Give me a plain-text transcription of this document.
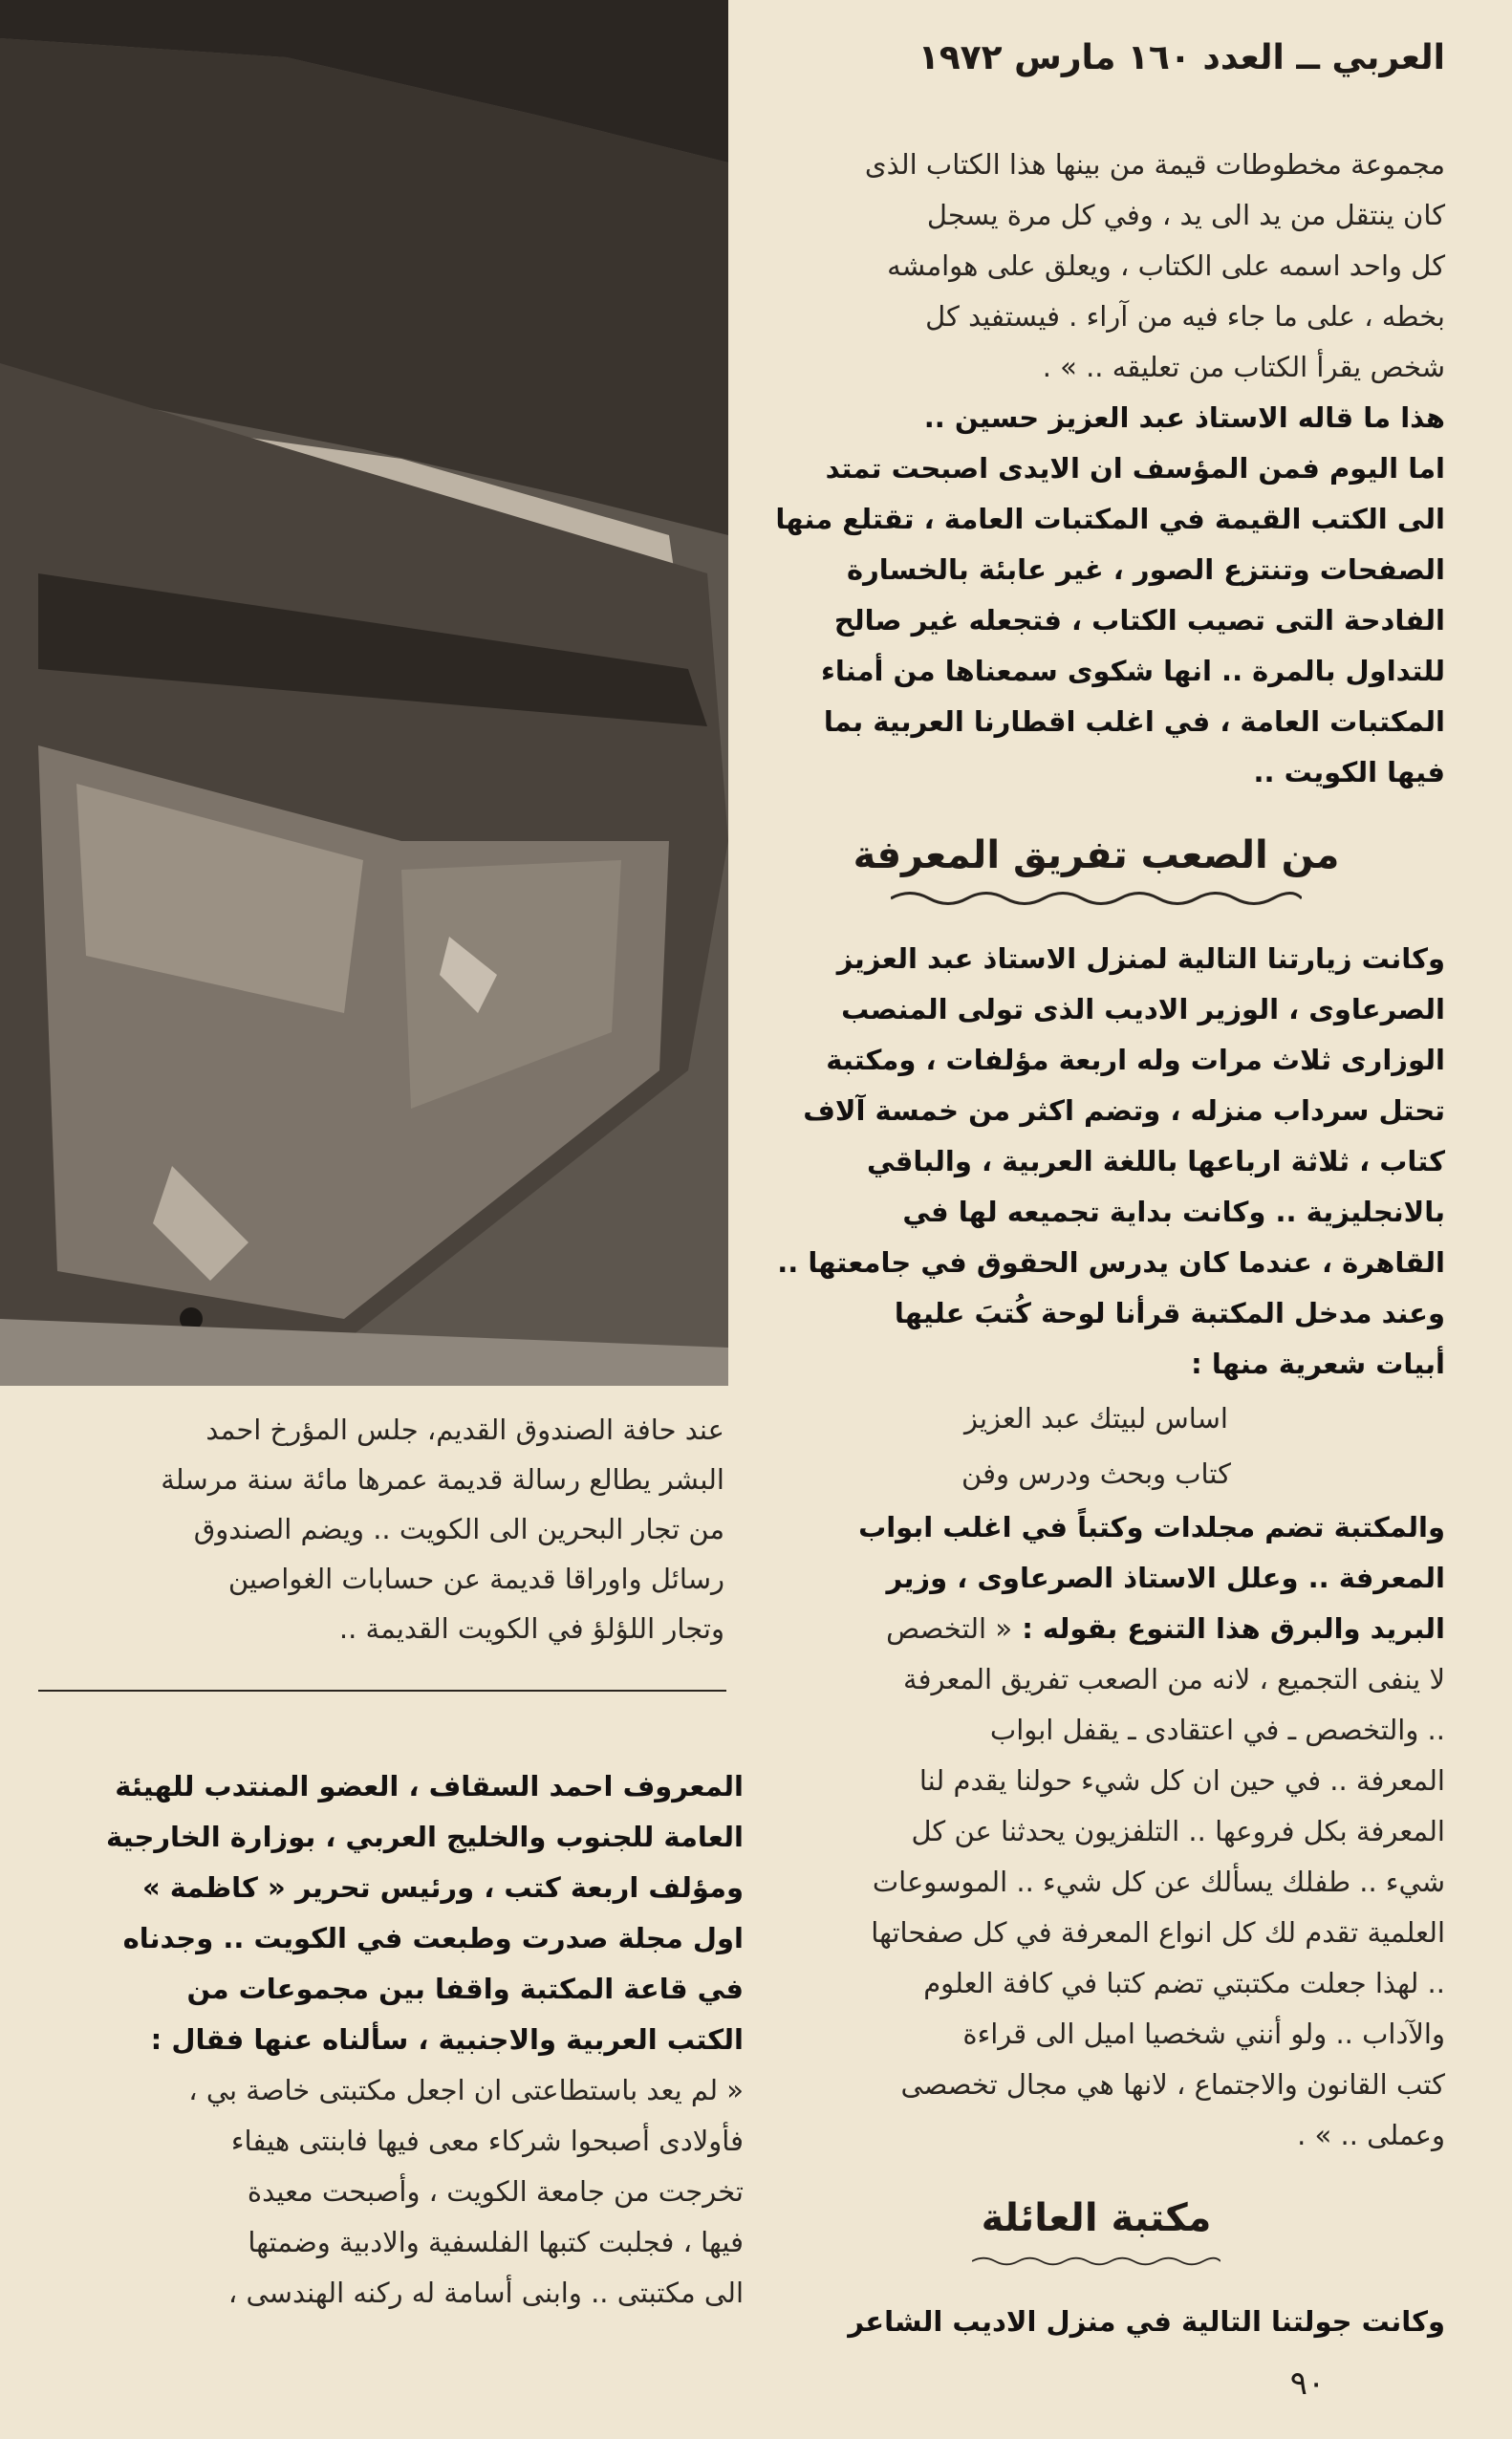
العربي ــ العدد ١٦٠ مارس ١٩٧٢

مجموعة مخطوطات قيمة من بينها هذا الكتاب الذى

كان ينتقل من يد الى يد ، وفي كل مرة يسجل

كل واحد اسمه على الكتاب ، ويعلق على هوامشه

بخطه ، على ما جاء فيه من آراء . فيستفيد كل

شخص يقرأ الكتاب من تعليقه .. » .

هذا ما قاله الاستاذ عبد العزيز حسين ..

اما اليوم فمن المؤسف ان الايدى اصبحت تمتد

الى الكتب القيمة في المكتبات العامة ، تقتلع منها

الصفحات وتنتزع الصور ، غير عابئة بالخسارة

الفادحة التى تصيب الكتاب ، فتجعله غير صالح

للتداول بالمرة .. انها شكوى سمعناها من أمناء

المكتبات العامة ، في اغلب اقطارنا العربية بما

فيها الكويت ..

من الصعب تفريق المعرفة

وكانت زيارتنا التالية لمنزل الاستاذ عبد العزيز

الصرعاوى ، الوزير الاديب الذى تولى المنصب

الوزارى ثلاث مرات وله اربعة مؤلفات ، ومكتبة

تحتل سرداب منزله ، وتضم اكثر من خمسة آلاف

كتاب ، ثلاثة ارباعها باللغة العربية ، والباقي

بالانجليزية .. وكانت بداية تجميعه لها في

القاهرة ، عندما كان يدرس الحقوق في جامعتها ..

وعند مدخل المكتبة قرأنا لوحة كُتبَ عليها

أبيات شعرية منها :

اساس لبيتك عبد العزيز

كتاب وبحث ودرس وفن

والمكتبة تضم مجلدات وكتباً في اغلب ابواب

المعرفة .. وعلل الاستاذ الصرعاوى ، وزير

البريد والبرق هذا التنوع بقوله : « التخصص

لا ينفى التجميع ، لانه من الصعب تفريق المعرفة

.. والتخصص ـ في اعتقادى ـ يقفل ابواب

المعرفة .. في حين ان كل شيء حولنا يقدم لنا

المعرفة بكل فروعها .. التلفزيون يحدثنا عن كل

شيء .. طفلك يسألك عن كل شيء .. الموسوعات

العلمية تقدم لك كل انواع المعرفة في كل صفحاتها

.. لهذا جعلت مكتبتي تضم كتبا في كافة العلوم

والآداب .. ولو أنني شخصيا اميل الى قراءة

كتب القانون والاجتماع ، لانها هي مجال تخصصى

وعملى .. » .

مكتبة العائلة

وكانت جولتنا التالية في منزل الاديب الشاعر

عند حافة الصندوق القديم، جلس المؤرخ احمد
البشر يطالع رسالة قديمة عمرها مائة سنة مرسلة
من تجار البحرين الى الكويت .. ويضم الصندوق
رسائل واوراقا قديمة عن حسابات الغواصين
وتجار اللؤلؤ في الكويت القديمة ..

المعروف احمد السقاف ، العضو المنتدب للهيئة

العامة للجنوب والخليج العربي ، بوزارة الخارجية

ومؤلف اربعة كتب ، ورئيس تحرير « كاظمة »

اول مجلة صدرت وطبعت في الكويت .. وجدناه

في قاعة المكتبة واقفا بين مجموعات من

الكتب العربية والاجنبية ، سألناه عنها فقال :

« لم يعد باستطاعتى ان اجعل مكتبتى خاصة بي ،

فأولادى أصبحوا شركاء معى فيها فابنتى هيفاء

تخرجت من جامعة الكويت ، وأصبحت معيدة

فيها ، فجلبت كتبها الفلسفية والادبية وضمتها

الى مكتبتى .. وابنى أسامة له ركنه الهندسى ،

٩٠
